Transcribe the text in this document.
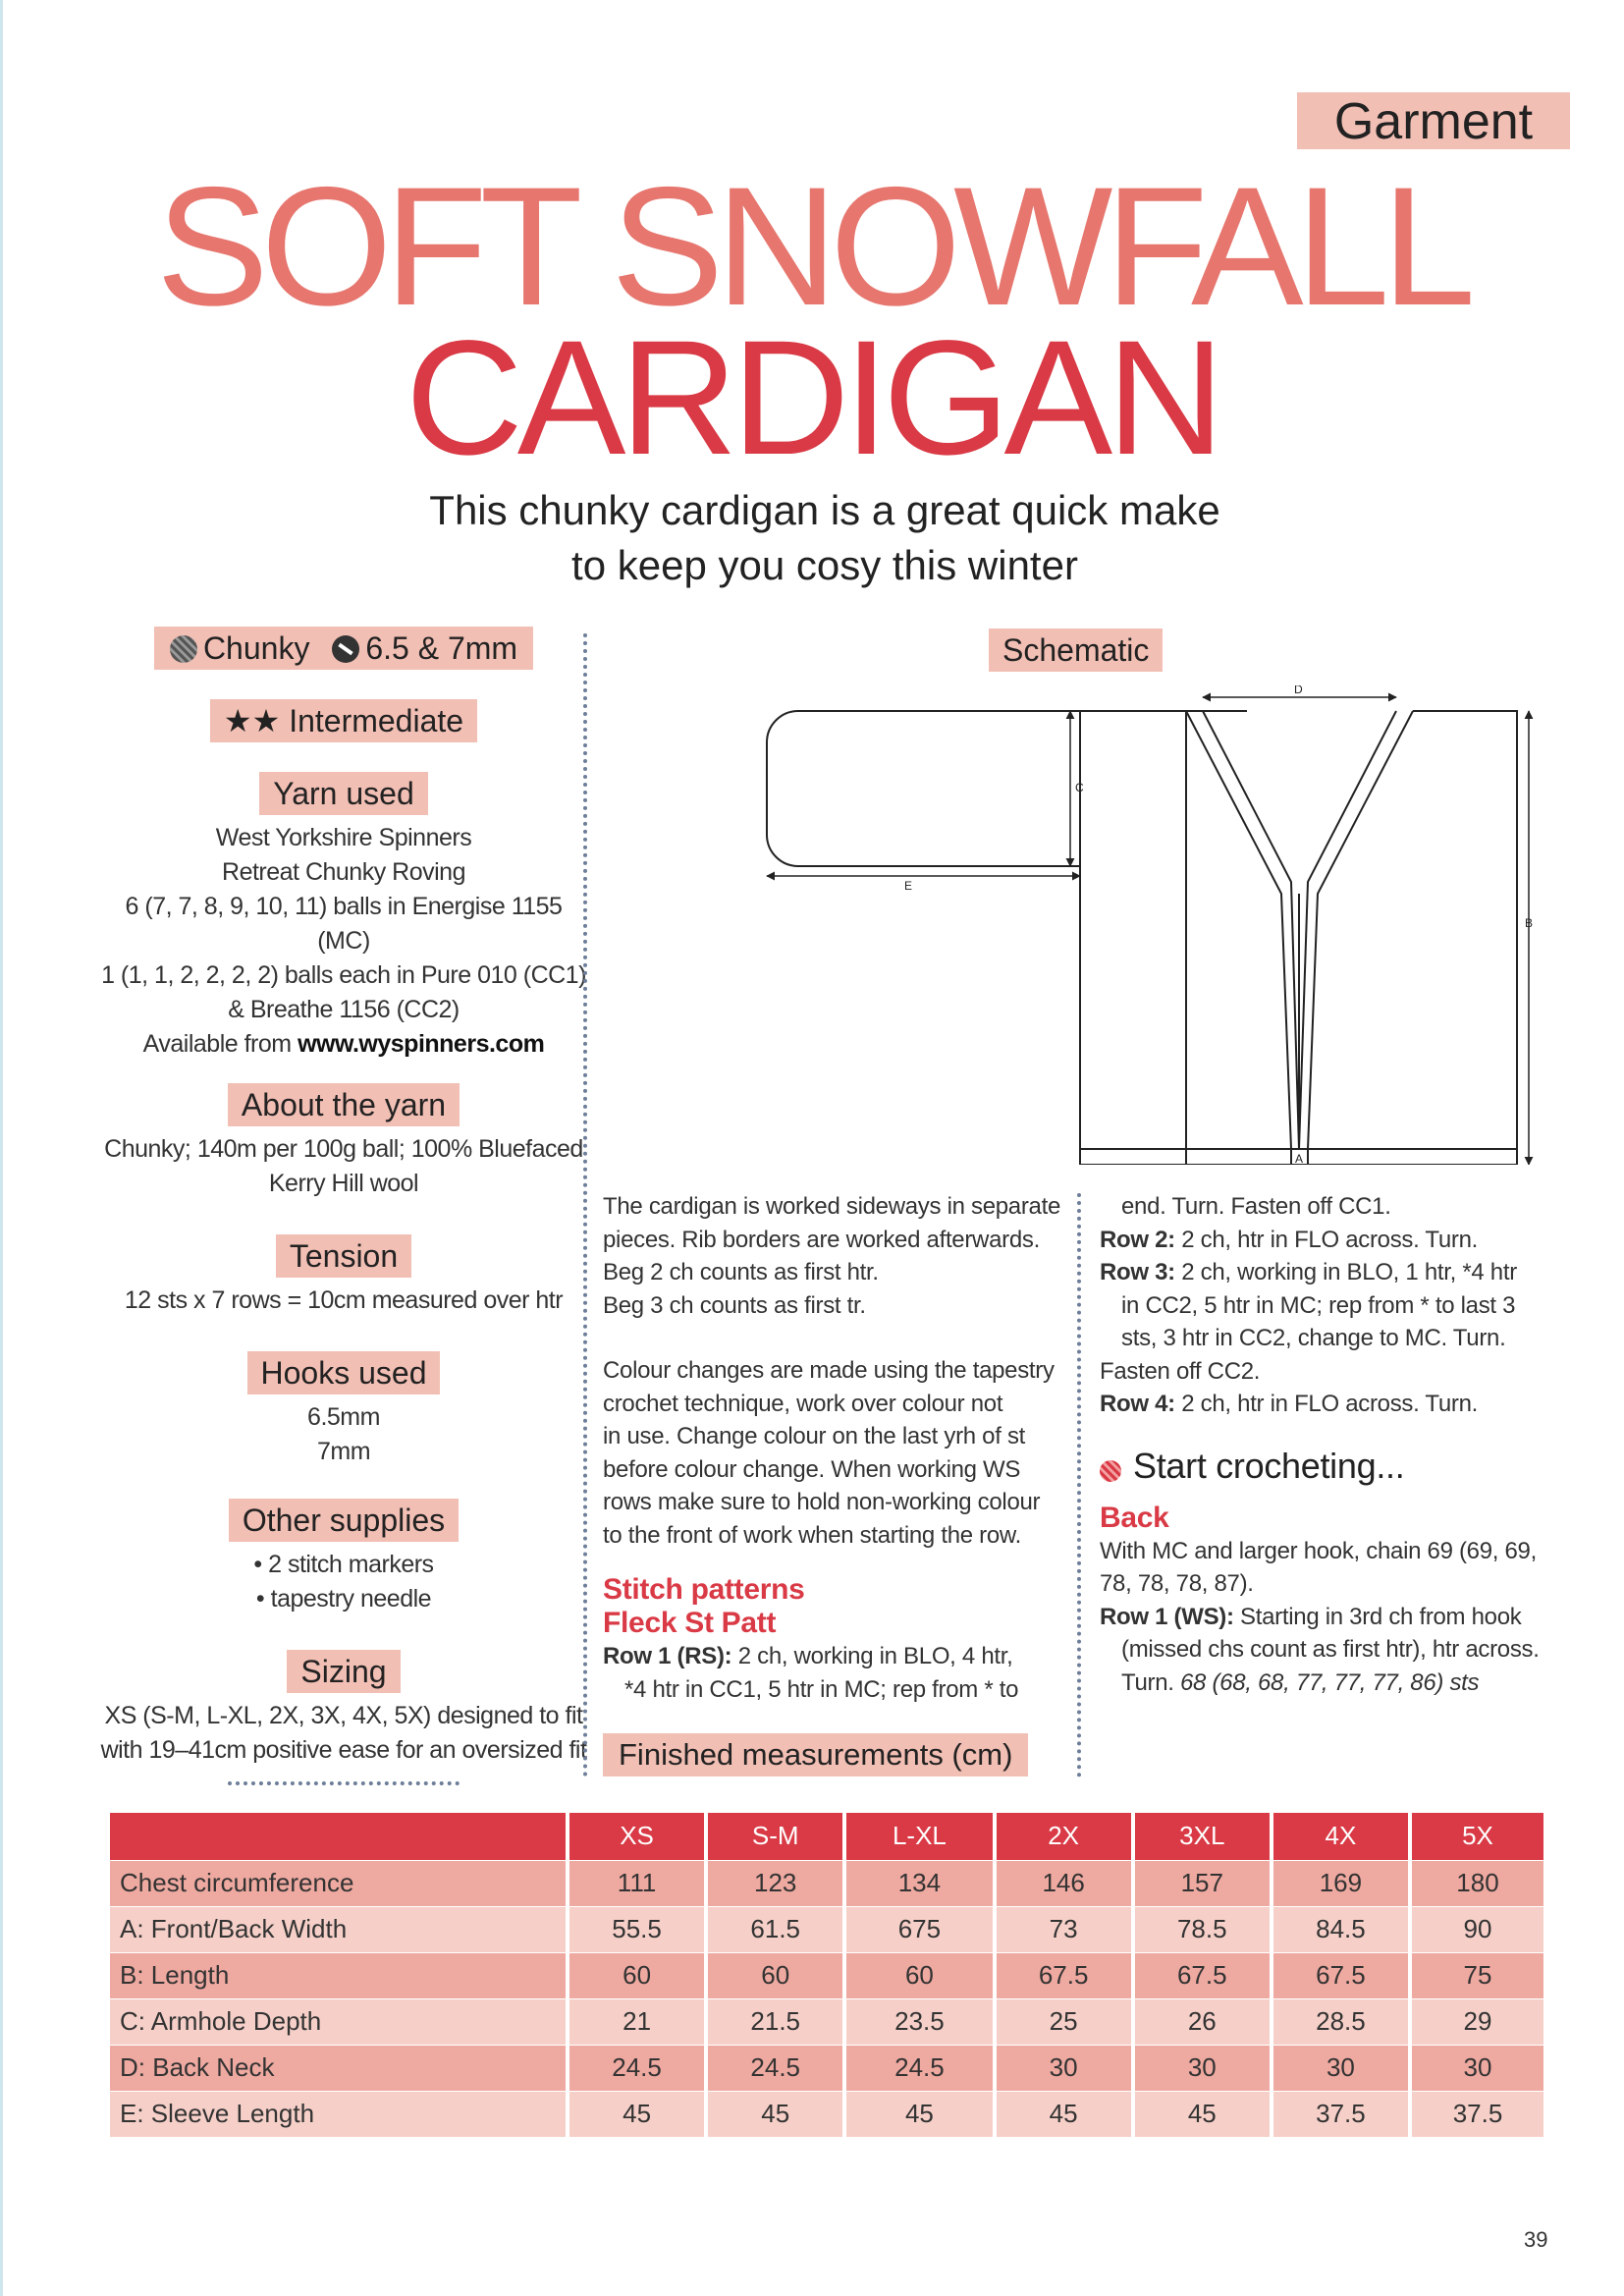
Garment
SOFT SNOWFALL
CARDIGAN
This chunky cardigan is a great quick make
to keep you cosy this winter
Chunky 6.5 & 7mm
★★ Intermediate
Yarn used
West Yorkshire Spinners
Retreat Chunky Roving
6 (7, 7, 8, 9, 10, 11) balls in Energise 1155 (MC)
1 (1, 1, 2, 2, 2, 2) balls each in Pure 010 (CC1)
& Breathe 1156 (CC2)
Available from www.wyspinners.com
About the yarn
Chunky; 140m per 100g ball; 100% Bluefaced
Kerry Hill wool
Tension
12 sts x 7 rows = 10cm measured over htr
Hooks used
6.5mm
7mm
Other supplies
• 2 stitch markers
• tapestry needle
Sizing
XS (S-M, L-XL, 2X, 3X, 4X, 5X) designed to fit
with 19–41cm positive ease for an oversized fit
Schematic
D
C
E
B
A

The cardigan is worked sideways in separate

pieces. Rib borders are worked afterwards.

Beg 2 ch counts as first htr.

Beg 3 ch counts as first tr.

Colour changes are made using the tapestry

crochet technique, work over colour not

in use. Change colour on the last yrh of st

before colour change. When working WS

rows make sure to hold non-working colour

to the front of work when starting the row.

Stitch patterns
Fleck St Patt

Row 1 (RS): 2 ch, working in BLO, 4 htr,

*4 htr in CC1, 5 htr in MC; rep from * to

end. Turn. Fasten off CC1.

Row 2: 2 ch, htr in FLO across. Turn.

Row 3: 2 ch, working in BLO, 1 htr, *4 htr

in CC2, 5 htr in MC; rep from * to last 3

sts, 3 htr in CC2, change to MC. Turn.

Fasten off CC2.

Row 4: 2 ch, htr in FLO across. Turn.

Start crocheting...
Back

With MC and larger hook, chain 69 (69, 69,

78, 78, 78, 87).

Row 1 (WS): Starting in 3rd ch from hook

(missed chs count as first htr), htr across.

Turn. 68 (68, 68, 77, 77, 77, 86) sts

Finished measurements (cm)
	XS	S-M	L-XL	2X	3XL	4X	5X
Chest circumference	111	123	134	146	157	169	180
A: Front/Back Width	55.5	61.5	675	73	78.5	84.5	90
B: Length	60	60	60	67.5	67.5	67.5	75
C: Armhole Depth	21	21.5	23.5	25	26	28.5	29
D: Back Neck	24.5	24.5	24.5	30	30	30	30
E: Sleeve Length	45	45	45	45	45	37.5	37.5
39
